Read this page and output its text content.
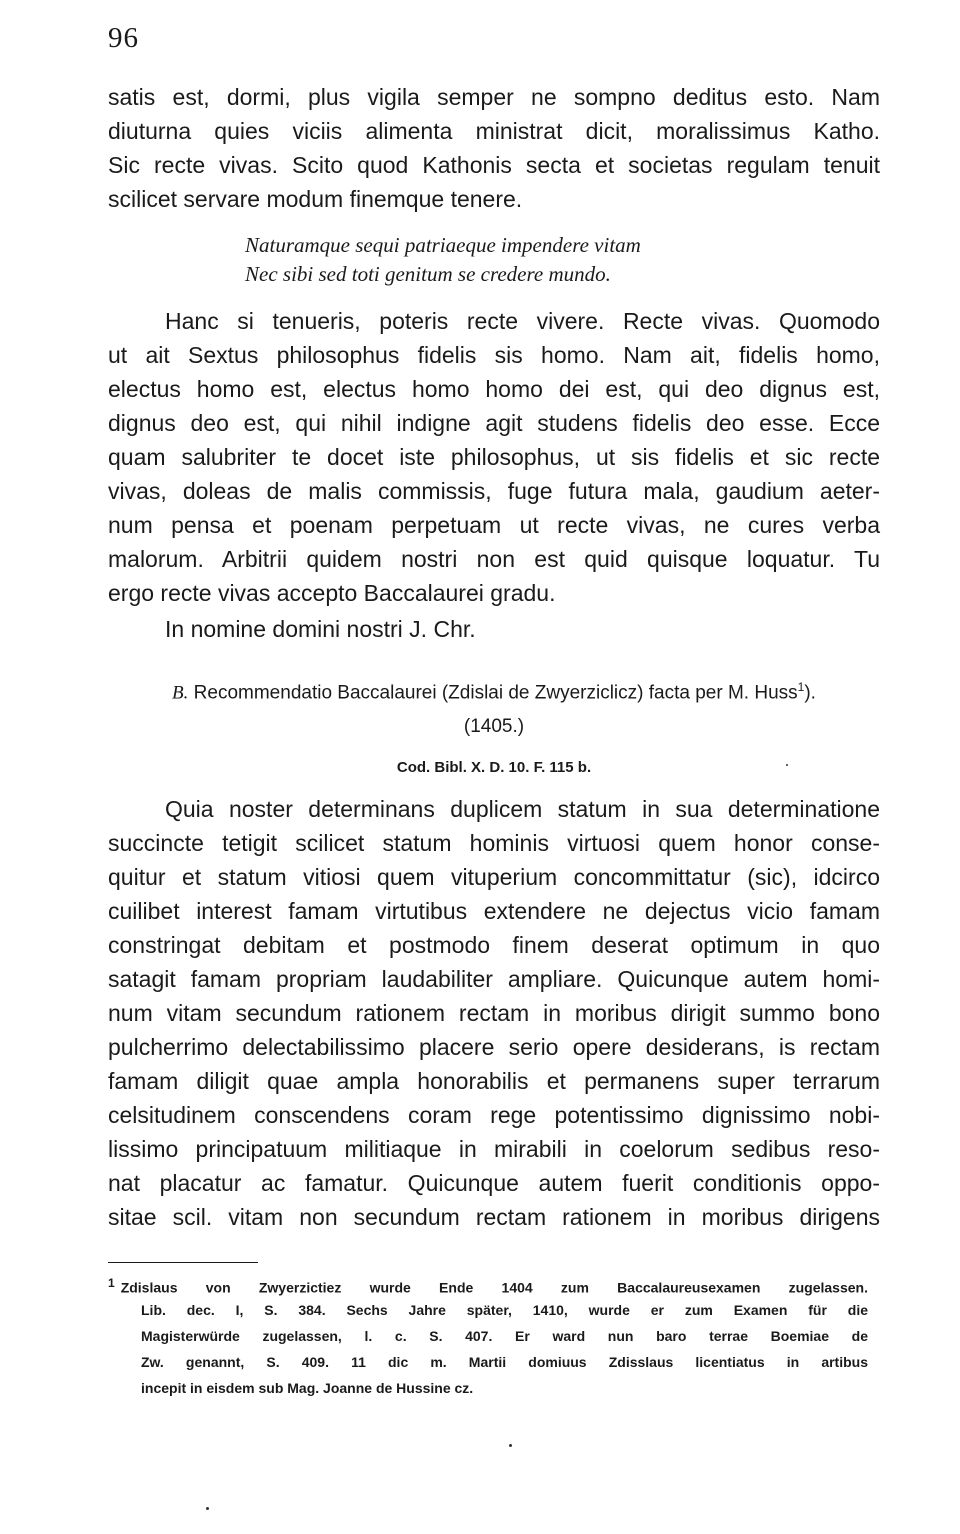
96
satis est, dormi, plus vigila semper ne sompno deditus esto. Nam
diuturna quies viciis alimenta ministrat dicit, moralissimus Katho.
Sic recte vivas. Scito quod Kathonis secta et societas regulam tenuit
scilicet servare modum finemque tenere.
Naturamque sequi patriaeque impendere vitam
Nec sibi sed toti genitum se credere mundo.
Hanc si tenueris, poteris recte vivere. Recte vivas. Quomodo
ut ait Sextus philosophus fidelis sis homo. Nam ait, fidelis homo,
electus homo est, electus homo homo dei est, qui deo dignus est,
dignus deo est, qui nihil indigne agit studens fidelis deo esse. Ecce
quam salubriter te docet iste philosophus, ut sis fidelis et sic recte
vivas, doleas de malis commissis, fuge futura mala, gaudium aeter-
num pensa et poenam perpetuam ut recte vivas, ne cures verba
malorum. Arbitrii quidem nostri non est quid quisque loquatur. Tu
ergo recte vivas accepto Baccalaurei gradu.
In nomine domini nostri J. Chr.
B. Recommendatio Baccalaurei (Zdislai de Zwyerziclicz) facta per M. Huss$^1$).
(1405.)
Cod. Bibl. X. D. 10. F. 115 b.
Quia noster determinans duplicem statum in sua determinatione
succincte tetigit scilicet statum hominis virtuosi quem honor conse-
quitur et statum vitiosi quem vituperium concommittatur (sic), idcirco
cuilibet interest famam virtutibus extendere ne dejectus vicio famam
constringat debitam et postmodo finem deserat optimum in quo
satagit famam propriam laudabiliter ampliare. Quicunque autem homi-
num vitam secundum rationem rectam in moribus dirigit summo bono
pulcherrimo delectabilissimo placere serio opere desiderans, is rectam
famam diligit quae ampla honorabilis et permanens super terrarum
celsitudinem conscendens coram rege potentissimo dignissimo nobi-
lissimo principatuum militiaque in mirabili in coelorum sedibus reso-
nat placatur ac famatur. Quicunque autem fuerit conditionis oppo-
sitae scil. vitam non secundum rectam rationem in moribus dirigens
$^1$ Zdislaus von Zwyerzictiez wurde Ende 1404 zum Baccalaureusexamen zugelassen.
Lib. dec. I, S. 384. Sechs Jahre später, 1410, wurde er zum Examen für die
Magisterwürde zugelassen, l. c. S. 407. Er ward nun baro terrae Boemiae de
Zw. genannt, S. 409. 11 dic m. Martii domiuus Zdisslaus licentiatus in artibus
incepit in eisdem sub Mag. Joanne de Hussine cz.
